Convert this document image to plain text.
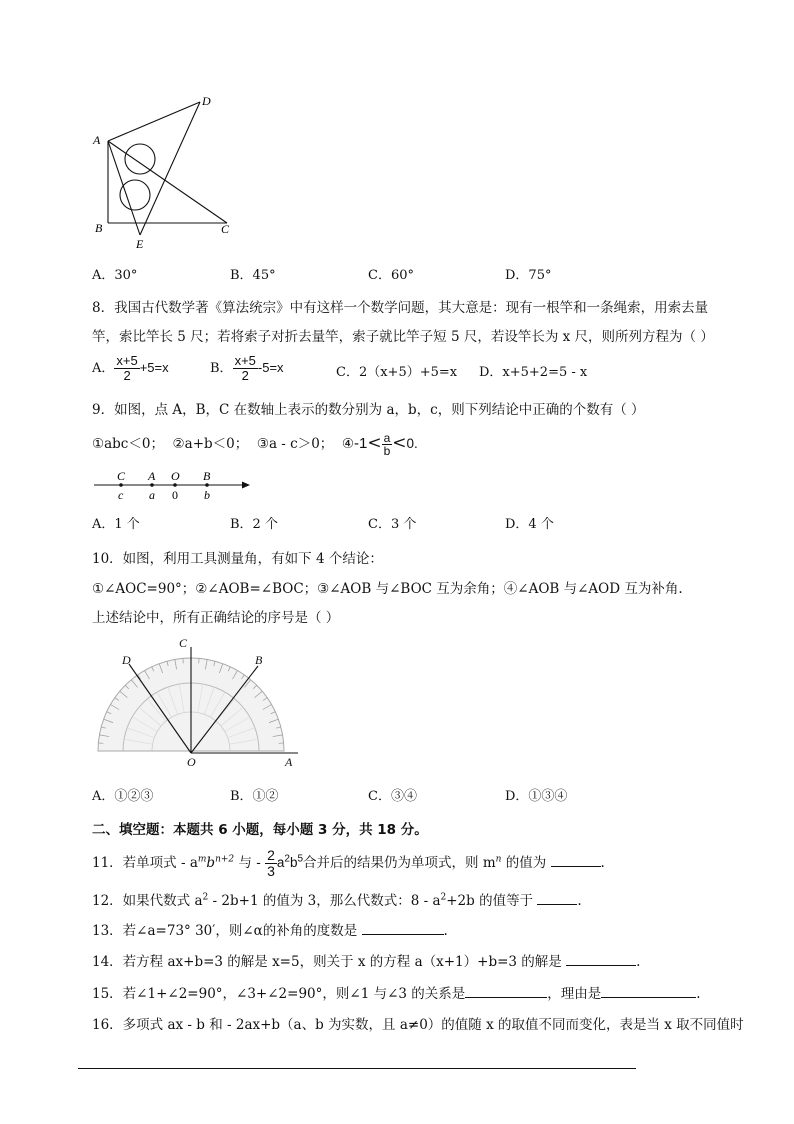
A
B	C
D
E
A．30°	B．45°	C．60°	D．75°
8．我国古代数学著《算法统宗》中有这样一个数学问题，其大意是：现有一根竿和一条绳索，用索去量
竿，索比竿长 5 尺；若将索子对折去量竿，索子就比竿子短 5 尺，若设竿长为 x 尺，则所列方程为（ ）
A． $\frac{x+5}{2} +5=x$	B． $\frac{x+5}{2} -5=x$	C．2（x+5）+5=x D．x+5+2=5 - x
9．如图，点 A，B，C 在数轴上表示的数分别为 a，b，c，则下列结论中正确的个数有（ ）
①abc＜0； ②a+b＜0； ③a - c＞0； ④-1< $\frac{a}{b} <0$.
C A O B
c a 0 b
A．1 个	B．2 个	C．3 个	D．4 个
10．如图，利用工具测量角，有如下 4 个结论：
①∠AOC=90°；②∠AOB=∠BOC；③∠AOB 与∠BOC 互为余角；④∠AOB 与∠AOD 互为补角.
上述结论中，所有正确结论的序号是（ ）
C
D	B
O	A
A．①②③	B．①②	C．③④	D．①③④
二、填空题：本题共 6 小题，每小题 3 分，共 18 分。
11．若单项式 - $a^mb^{n+2}$ 与 - $\frac{2}{3} a^2b^5$合并后的结果仍为单项式，则 $m^n$ 的值为	.
12．如果代数式 $a^2 - 2b+1$ 的值为 3，那么代数式：$8 - a^2+2b$ 的值等于	.
13．若∠a=73° 30′，则∠α的补角的度数是	.
14．若方程 ax+b=3 的解是 x=5，则关于 x 的方程 a（x+1）+b=3 的解是	.
15．若∠1+∠2=90°，∠3+∠2=90°，则∠1 与∠3 的关系是	，理由是	.
16．多项式 ax - b 和 - 2ax+b（a、b 为实数，且 a≠0）的值随 x 的取值不同而变化，表是当 x 取不同值时
